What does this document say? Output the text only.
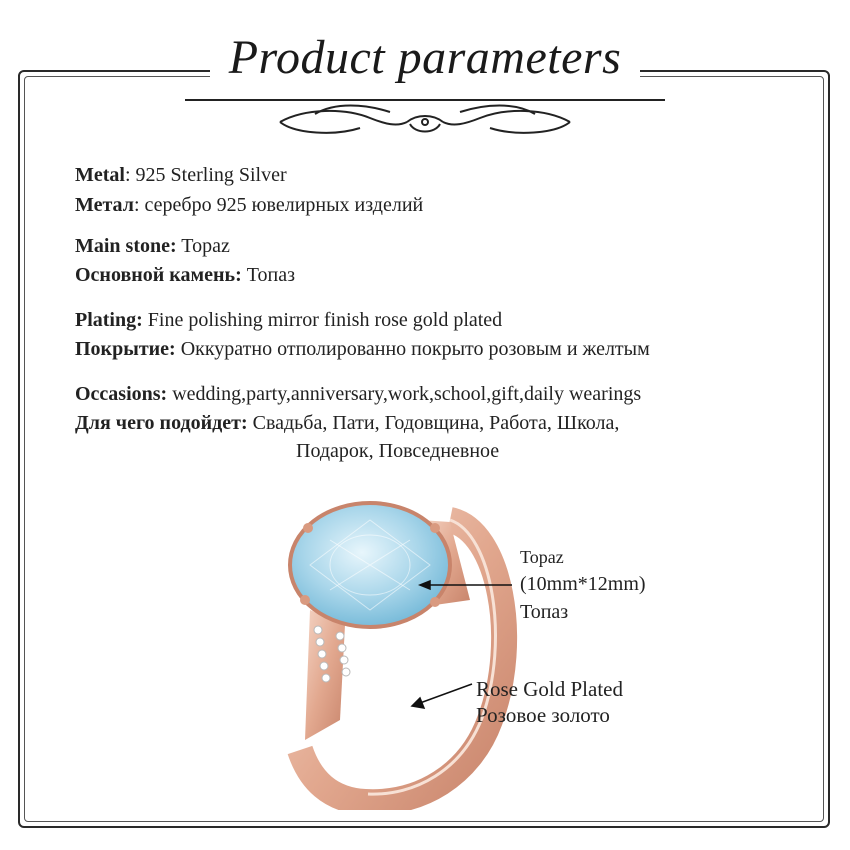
Product parameters
Metal: 925 Sterling Silver
Метал: серебро 925 ювелирных изделий
Main stone: Topaz
Основной камень: Топаз
Plating: Fine polishing mirror finish rose gold plated
Покрытие: Оккуратно отполированно покрыто розовым и желтым
Occasions: wedding,party,anniversary,work,school,gift,daily wearings
Для чего подойдет: Свадьба, Пати, Годовщина, Работа, Школа,
Подарок, Повседневное
Topaz
(10mm*12mm)
Топаз
Rose Gold Plated
Розовое золото
